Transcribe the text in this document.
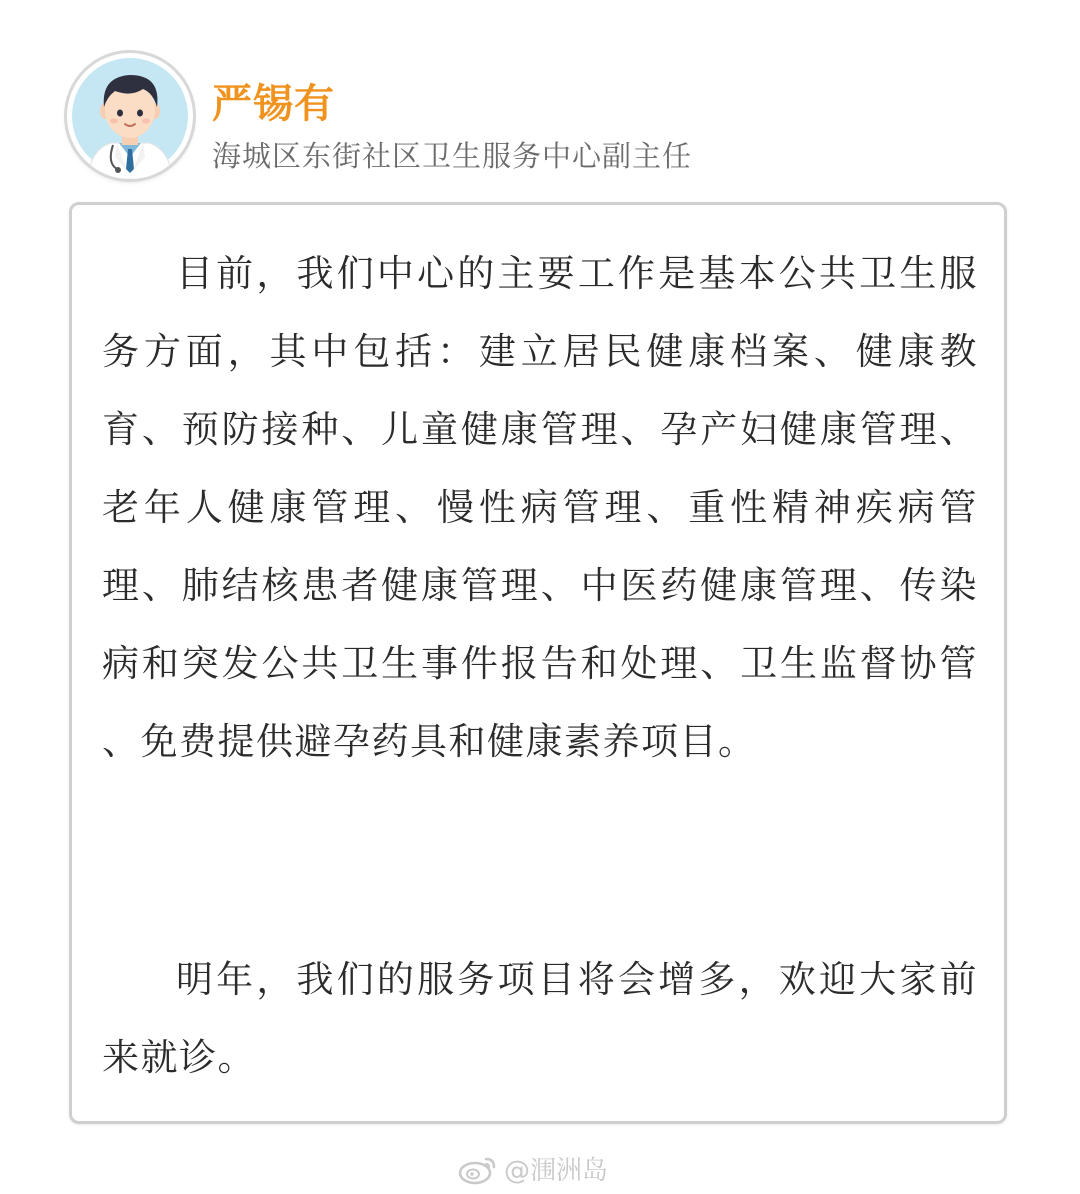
严锡有
海城区东街社区卫生服务中心副主任

目前，我们中心的主要工作是基本公共卫生服务方面，其中包括：建立居民健康档案、健康教育、预防接种、儿童健康管理、孕产妇健康管理、老年人健康管理、慢性病管理、重性精神疾病管理、肺结核患者健康管理、中医药健康管理、传染病和突发公共卫生事件报告和处理、卫生监督协管 、免费提供避孕药具和健康素养项目。

明年，我们的服务项目将会增多，欢迎大家前来就诊。

@涠洲岛
